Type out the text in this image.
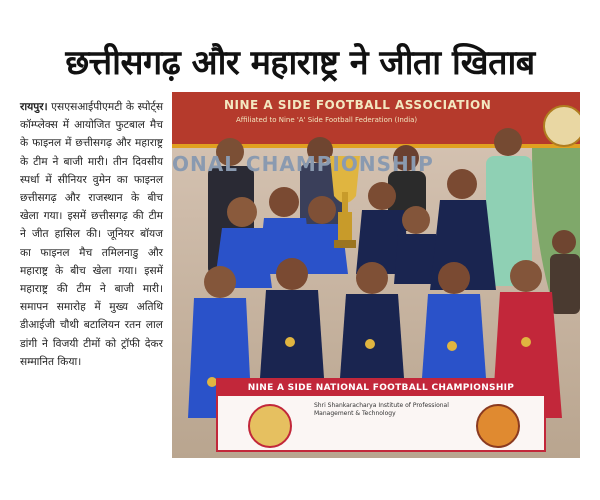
छत्तीसगढ़ और महाराष्ट्र ने जीता खिताब
रायपुर। एसएसआईपीएमटी के स्पोर्ट्स कॉम्प्लेक्स में आयोजित फुटबाल मैच के फाइनल में छत्तीसगढ़ और महाराष्ट्र के टीम ने बाजी मारी। तीन दिवसीय स्पर्धा में सीनियर वुमेन का फाइनल छत्तीसगढ़ और राजस्थान के बीच खेला गया। इसमें छत्तीसगढ़ की टीम ने जीत हासिल की। जूनियर बॉयज का फाइनल मैच तमिलनाडु और महाराष्ट्र के बीच खेला गया। इसमें महाराष्ट्र की टीम ने बाजी मारी। समापन समारोह में मुख्य अतिथि डीआईजी चौथी बटालियन रतन लाल डांगी ने विजयी टीमों को ट्रॉफी देकर सम्मानित किया।
NINE A SIDE FOOTBALL ASSOCIATION
Affiliated to Nine 'A' Side Football Federation (India)
ONAL CHAMPIONSHIP
NINE A SIDE NATIONAL FOOTBALL CHAMPIONSHIP
Shri Shankaracharya Institute of Professional Management & Technology
